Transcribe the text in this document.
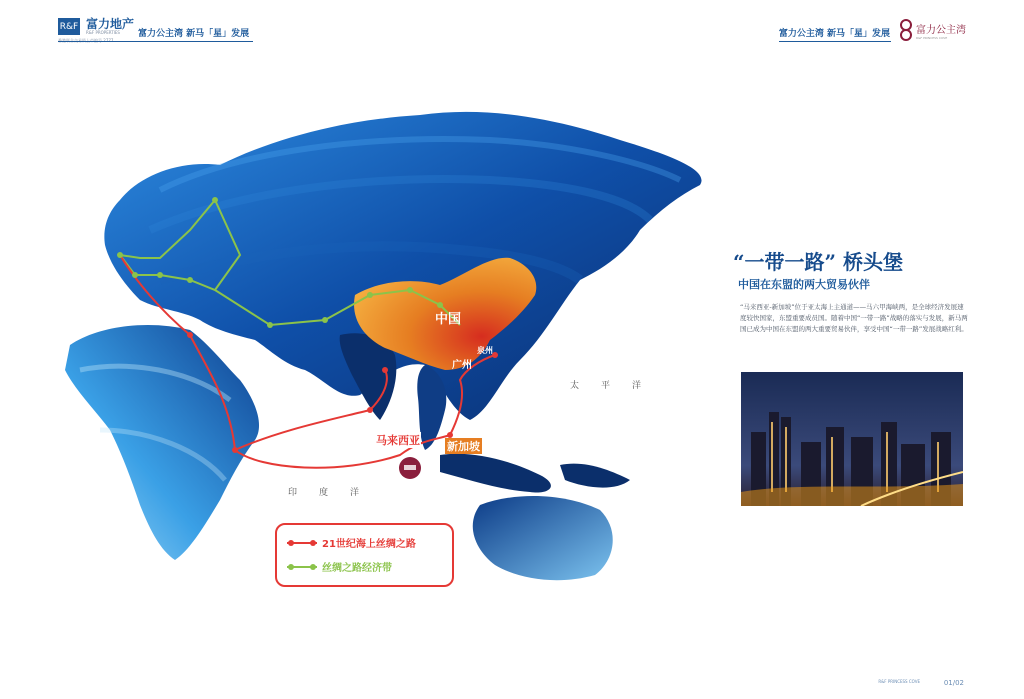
R&F 富力地产
R&F PROPERTIES	富力公主湾 新马「星」发展	富力公主湾 新马「星」发展	富力公主湾
R&F PRINCESS COVE
中国
广州
泉州
马来西亚 新加坡
太平洋
印度洋
21世纪海上丝绸之路
丝绸之路经济带
“一带一路” 桥头堡
中国在东盟的两大贸易伙伴
“马来西亚-新加坡”位于亚太海上主通道——马六甲海峡两，是全球经济发展速度较快国家，东盟重要成员国。随着中国“一带一路”战略的落实与发展，新马两国已成为中国在东盟的两大重要贸易伙伴，享受中国“一带一路”发展战略红利。
R&F PRINCESS COVE	01/02
